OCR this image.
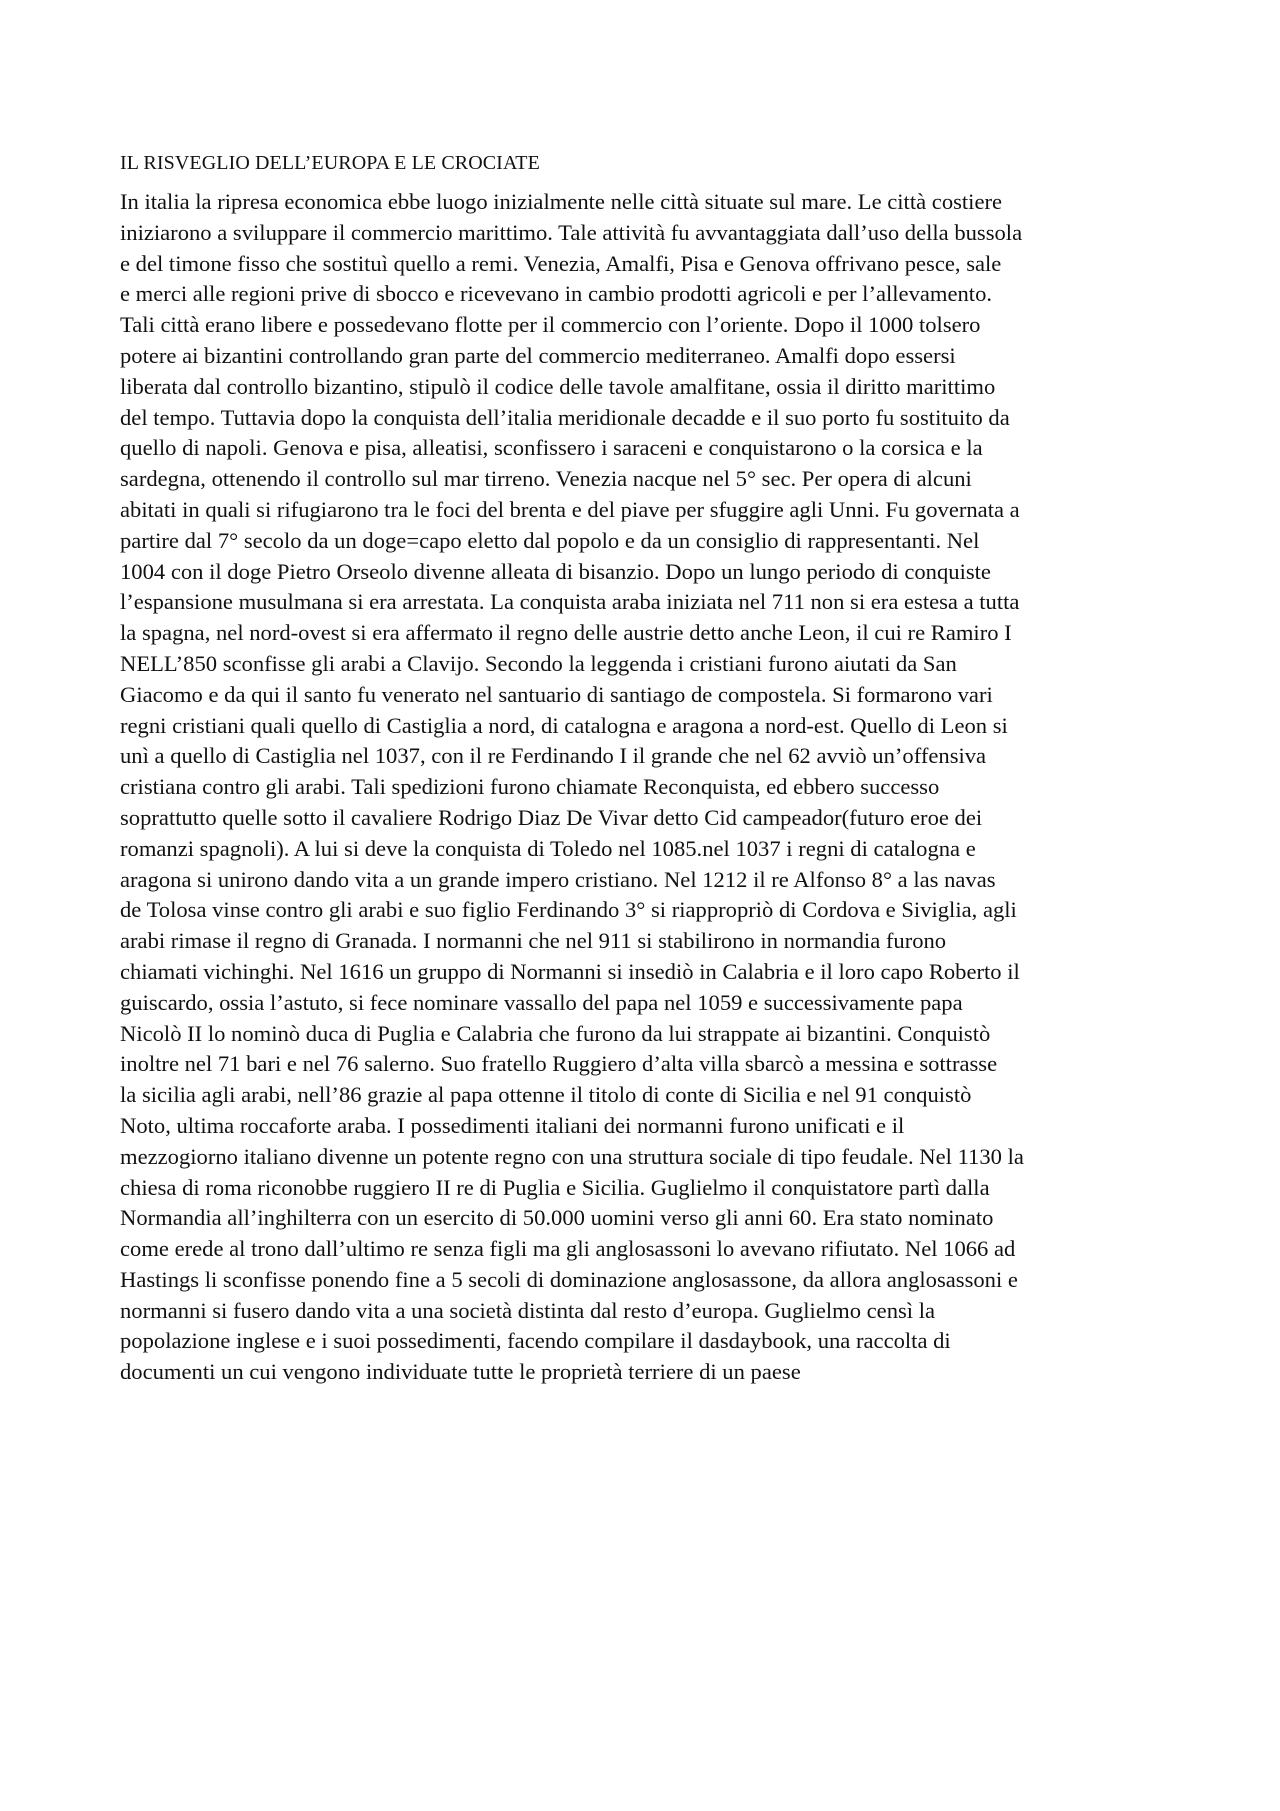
IL RISVEGLIO DELL’EUROPA E LE CROCIATE
In italia la ripresa economica ebbe luogo inizialmente nelle città situate sul mare. Le città costiere
iniziarono a sviluppare il commercio marittimo. Tale attività fu avvantaggiata dall’uso della bussola
e del timone fisso che sostituì quello a remi. Venezia, Amalfi, Pisa e Genova offrivano pesce, sale
e merci alle regioni prive di sbocco e ricevevano in cambio prodotti agricoli e per l’allevamento.
Tali città erano libere e possedevano flotte per il commercio con l’oriente. Dopo il 1000 tolsero
potere ai bizantini controllando gran parte del commercio mediterraneo. Amalfi dopo essersi
liberata dal controllo bizantino, stipulò il codice delle tavole amalfitane, ossia il diritto marittimo
del tempo. Tuttavia dopo la conquista dell’italia meridionale decadde e il suo porto fu sostituito da
quello di napoli. Genova e pisa, alleatisi, sconfissero i saraceni e conquistarono o la corsica e la
sardegna, ottenendo il controllo sul mar tirreno. Venezia nacque nel 5° sec. Per opera di alcuni
abitati in quali si rifugiarono tra le foci del brenta e del piave per sfuggire agli Unni. Fu governata a
partire dal 7° secolo da un doge=capo eletto dal popolo e da un consiglio di rappresentanti. Nel
1004 con il doge Pietro Orseolo divenne alleata di bisanzio. Dopo un lungo periodo di conquiste
l’espansione musulmana si era arrestata. La conquista araba iniziata nel 711 non si era estesa a tutta
la spagna, nel nord-ovest si era affermato il regno delle austrie detto anche Leon, il cui re Ramiro I
NELL’850 sconfisse gli arabi a Clavijo. Secondo la leggenda i cristiani furono aiutati da San
Giacomo e da qui il santo fu venerato nel santuario di santiago de compostela. Si formarono vari
regni cristiani quali quello di Castiglia a nord, di catalogna e aragona a nord-est. Quello di Leon si
unì a quello di Castiglia nel 1037, con il re Ferdinando I il grande che nel 62 avviò un’offensiva
cristiana contro gli arabi. Tali spedizioni furono chiamate Reconquista, ed ebbero successo
soprattutto quelle sotto il cavaliere Rodrigo Diaz De Vivar detto Cid campeador(futuro eroe dei
romanzi spagnoli). A lui si deve la conquista di Toledo nel 1085.nel 1037 i regni di catalogna e
aragona si unirono dando vita a un grande impero cristiano. Nel 1212 il re Alfonso 8° a las navas
de Tolosa vinse contro gli arabi e suo figlio Ferdinando 3° si riappropriò di Cordova e Siviglia, agli
arabi rimase il regno di Granada. I normanni che nel 911 si stabilirono in normandia furono
chiamati vichinghi. Nel 1616 un gruppo di Normanni si insediò in Calabria e il loro capo Roberto il
guiscardo, ossia l’astuto, si fece nominare vassallo del papa nel 1059 e successivamente papa
Nicolò II lo nominò duca di Puglia e Calabria che furono da lui strappate ai bizantini. Conquistò
inoltre nel 71 bari e nel 76 salerno. Suo fratello Ruggiero d’alta villa sbarcò a messina e sottrasse
la sicilia agli arabi, nell’86 grazie al papa ottenne il titolo di conte di Sicilia e nel 91 conquistò
Noto, ultima roccaforte araba. I possedimenti italiani dei normanni furono unificati e il
mezzogiorno italiano divenne un potente regno con una struttura sociale di tipo feudale. Nel 1130 la
chiesa di roma riconobbe ruggiero II re di Puglia e Sicilia. Guglielmo il conquistatore partì dalla
Normandia all’inghilterra con un esercito di 50.000 uomini verso gli anni 60. Era stato nominato
come erede al trono dall’ultimo re senza figli ma gli anglosassoni lo avevano rifiutato. Nel 1066 ad
Hastings li sconfisse ponendo fine a 5 secoli di dominazione anglosassone, da allora anglosassoni e
normanni si fusero dando vita a una società distinta dal resto d’europa. Guglielmo censì la
popolazione inglese e i suoi possedimenti, facendo compilare il dasdaybook, una raccolta di
documenti un cui vengono individuate tutte le proprietà terriere di un paese
